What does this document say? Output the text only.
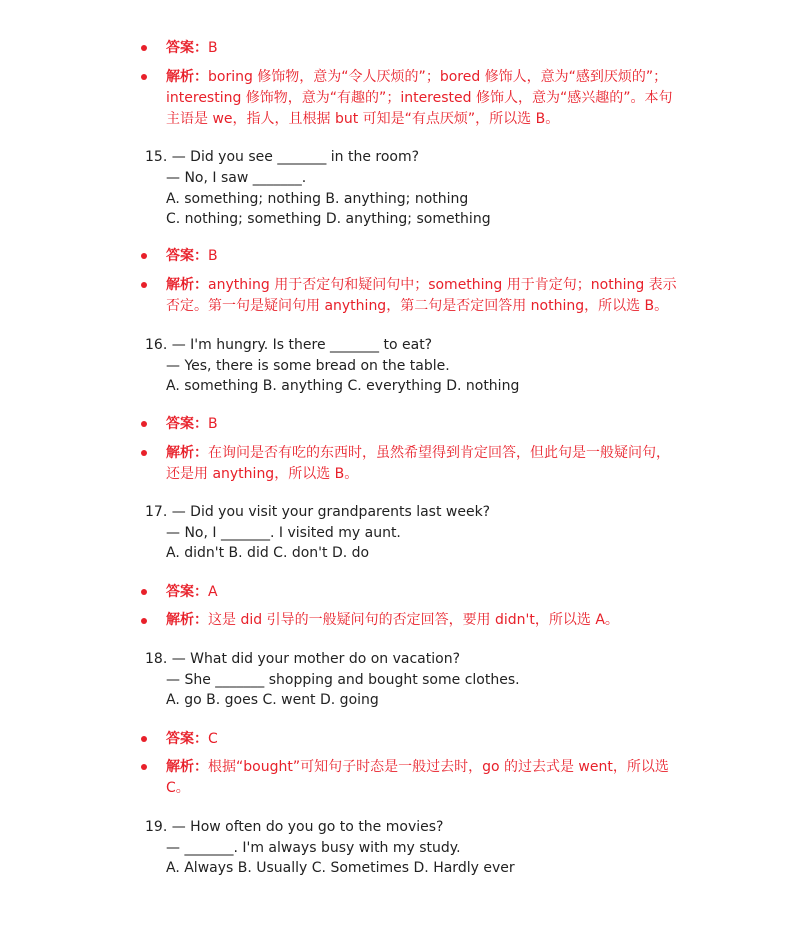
答案：B
解析：boring 修饰物，意为“令人厌烦的”；bored 修饰人，意为“感到厌烦的”；
interesting 修饰物，意为“有趣的”；interested 修饰人，意为“感兴趣的”。本句
主语是 we，指人，且根据 but 可知是“有点厌烦”，所以选 B。
15. — Did you see _______ in the room?
— No, I saw _______.
A. something; nothing B. anything; nothing
C. nothing; something D. anything; something
答案：B
解析：anything 用于否定句和疑问句中；something 用于肯定句；nothing 表示
否定。第一句是疑问句用 anything，第二句是否定回答用 nothing，所以选 B。
16. — I'm hungry. Is there _______ to eat?
— Yes, there is some bread on the table.
A. something B. anything C. everything D. nothing
答案：B
解析：在询问是否有吃的东西时，虽然希望得到肯定回答，但此句是一般疑问句，
还是用 anything，所以选 B。
17. — Did you visit your grandparents last week?
— No, I _______. I visited my aunt.
A. didn't B. did C. don't D. do
答案：A
解析：这是 did 引导的一般疑问句的否定回答，要用 didn't，所以选 A。
18. — What did your mother do on vacation?
— She _______ shopping and bought some clothes.
A. go B. goes C. went D. going
答案：C
解析：根据“bought”可知句子时态是一般过去时，go 的过去式是 went，所以选
C。
19. — How often do you go to the movies?
— _______. I'm always busy with my study.
A. Always B. Usually C. Sometimes D. Hardly ever
